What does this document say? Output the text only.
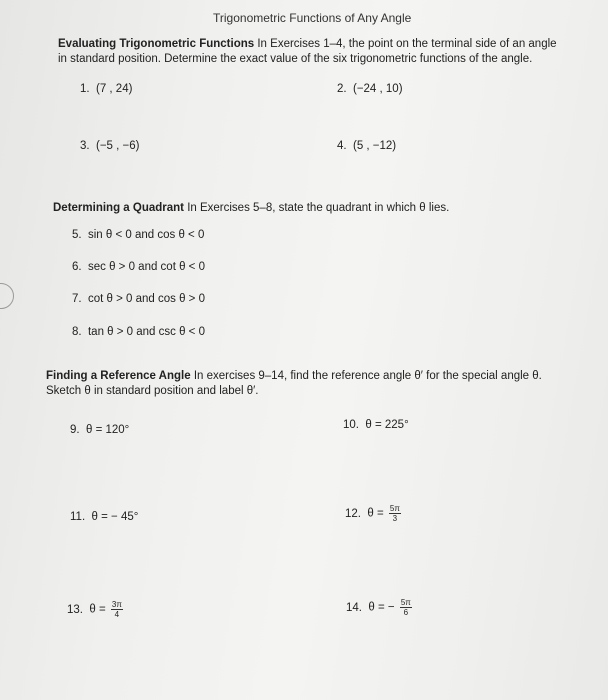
Trigonometric Functions of Any Angle
Evaluating Trigonometric Functions In Exercises 1–4, the point on the terminal side of an angle
in standard position. Determine the exact value of the six trigonometric functions of the angle.
1. (7 , 24)	2. (−24 , 10)
3. (−5 , −6)	4. (5 , −12)
Determining a Quadrant In Exercises 5–8, state the quadrant in which θ lies.
5. sin θ < 0 and cos θ < 0
6. sec θ > 0 and cot θ < 0
7. cot θ > 0 and cos θ > 0
8. tan θ > 0 and csc θ < 0
Finding a Reference Angle In exercises 9–14, find the reference angle θ′ for the special angle θ.
Sketch θ in standard position and label θ′.
9. θ = 120°	10. θ = 225°
11. θ = − 45°	12. $\theta = \frac{5\pi}{3}$
13. $\theta = \frac{3\pi}{4}$	14. θ = − $\frac{5\pi}{6}$
